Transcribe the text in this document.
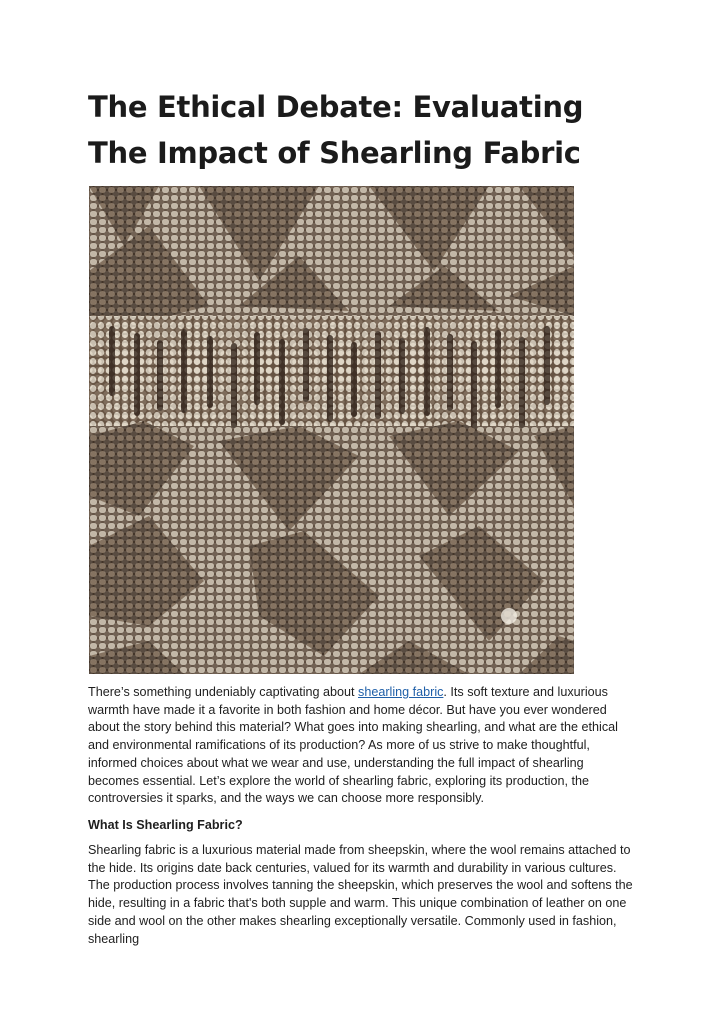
The Ethical Debate: Evaluating The Impact of Shearling Fabric

There’s something undeniably captivating about shearling fabric. Its soft texture and luxurious warmth have made it a favorite in both fashion and home décor. But have you ever wondered about the story behind this material? What goes into making shearling, and what are the ethical and environmental ramifications of its production? As more of us strive to make thoughtful, informed choices about what we wear and use, understanding the full impact of shearling becomes essential. Let’s explore the world of shearling fabric, exploring its production, the controversies it sparks, and the ways we can choose more responsibly.

What Is Shearling Fabric?

Shearling fabric is a luxurious material made from sheepskin, where the wool remains attached to the hide. Its origins date back centuries, valued for its warmth and durability in various cultures. The production process involves tanning the sheepskin, which preserves the wool and softens the hide, resulting in a fabric that's both supple and warm. This unique combination of leather on one side and wool on the other makes shearling exceptionally versatile. Commonly used in fashion, shearling
